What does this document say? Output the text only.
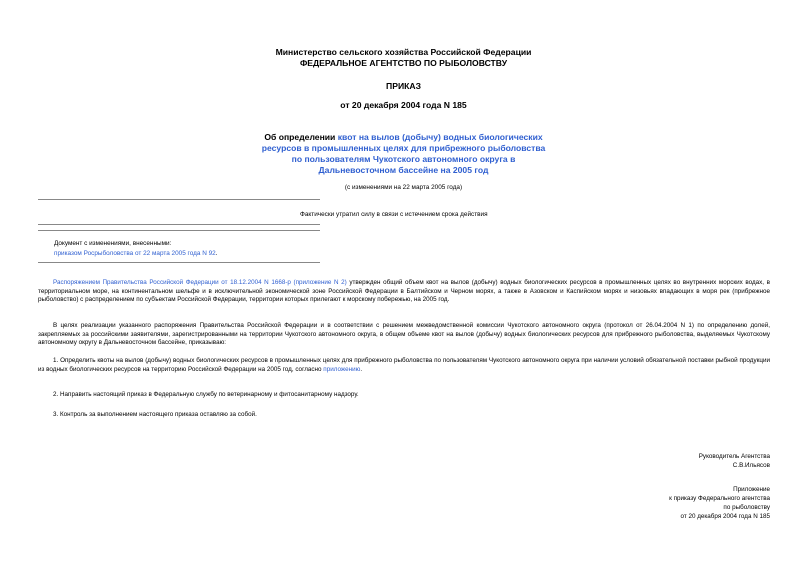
Министерство сельского хозяйства Российской Федерации
ФЕДЕРАЛЬНОЕ АГЕНТСТВО ПО РЫБОЛОВСТВУ
ПРИКАЗ
от 20 декабря 2004 года N 185
Об определении квот на вылов (добычу) водных биологических
ресурсов в промышленных целях для прибрежного рыболовства
по пользователям Чукотского автономного округа в
Дальневосточном бассейне на 2005 год
(с изменениями на 22 марта 2005 года)
Фактически утратил силу в связи с истечением срока действия
Документ с изменениями, внесенными:
приказом Росрыболовства от 22 марта 2005 года N 92.
Распоряжением Правительства Российской Федерации от 18.12.2004 N 1668-р (приложение N 2) утвержден общий объем квот на вылов (добычу) водных биологических ресурсов в промышленных целях во внутренних морских водах, в территориальном море, на континентальном шельфе и в исключительной экономической зоне Российской Федерации в Балтийском и Черном морях, а также в Азовском и Каспийском морях и низовьях впадающих в моря рек (прибрежное рыболовство) с распределением по субъектам Российской Федерации, территории которых прилегают к морскому побережью, на 2005 год.
В целях реализации указанного распоряжения Правительства Российской Федерации и в соответствии с решением межведомственной комиссии Чукотского автономного округа (протокол от 26.04.2004 N 1) по определению долей, закрепляемых за российскими заявителями, зарегистрированными на территории Чукотского автономного округа, в общем объеме квот на вылов (добычу) водных биологических ресурсов для прибрежного рыболовства, выделяемых Чукотскому автономному округу в Дальневосточном бассейне, приказываю:
1. Определить квоты на вылов (добычу) водных биологических ресурсов в промышленных целях для прибрежного рыболовства по пользователям Чукотского автономного округа при наличии условий обязательной поставки рыбной продукции из водных биологических ресурсов на территорию Российской Федерации на 2005 год, согласно приложению.
2. Направить настоящий приказ в Федеральную службу по ветеринарному и фитосанитарному надзору.
3. Контроль за выполнением настоящего приказа оставляю за собой.
Руководитель Агентства
С.В.Ильясов
Приложение
к приказу Федерального агентства
по рыболовству
от 20 декабря 2004 года N 185
